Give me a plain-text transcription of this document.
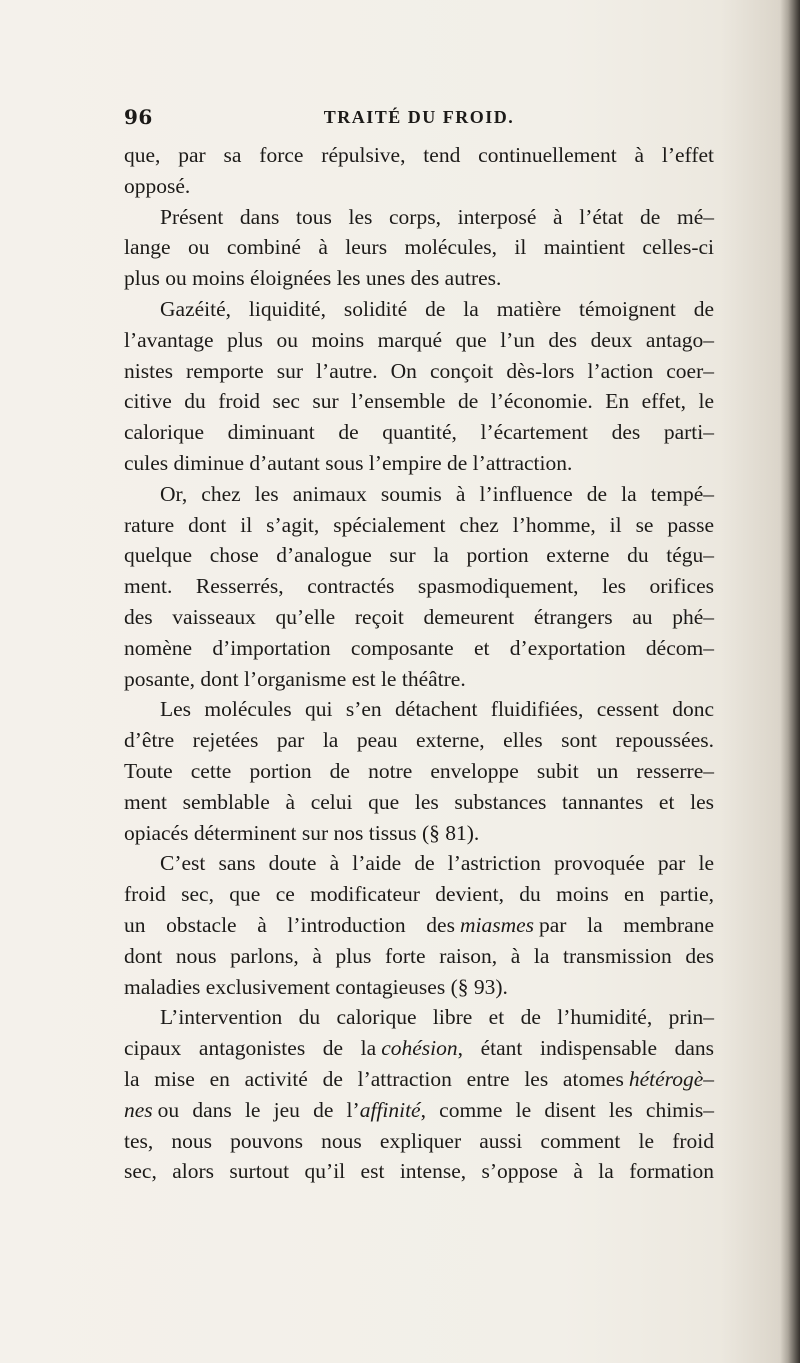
96	TRAITÉ DU FROID.
que, par sa force répulsive, tend continuellement à l’effet
opposé.
Présent dans tous les corps, interposé à l’état de mé–
lange ou combiné à leurs molécules, il maintient celles-ci
plus ou moins éloignées les unes des autres.
Gazéité, liquidité, solidité de la matière témoignent de
l’avantage plus ou moins marqué que l’un des deux antago–
nistes remporte sur l’autre. On conçoit dès-lors l’action coer–
citive du froid sec sur l’ensemble de l’économie. En effet, le
calorique diminuant de quantité, l’écartement des parti–
cules diminue d’autant sous l’empire de l’attraction.
Or, chez les animaux soumis à l’influence de la tempé–
rature dont il s’agit, spécialement chez l’homme, il se passe
quelque chose d’analogue sur la portion externe du tégu–
ment. Resserrés, contractés spasmodiquement, les orifices
des vaisseaux qu’elle reçoit demeurent étrangers au phé–
nomène d’importation composante et d’exportation décom–
posante, dont l’organisme est le théâtre.
Les molécules qui s’en détachent fluidifiées, cessent donc
d’être rejetées par la peau externe, elles sont repoussées.
Toute cette portion de notre enveloppe subit un resserre–
ment semblable à celui que les substances tannantes et les
opiacés déterminent sur nos tissus (§ 81).
C’est sans doute à l’aide de l’astriction provoquée par le
froid sec, que ce modificateur devient, du moins en partie,
un obstacle à l’introduction des miasmes par la membrane
dont nous parlons, à plus forte raison, à la transmission des
maladies exclusivement contagieuses (§ 93).
L’intervention du calorique libre et de l’humidité, prin–
cipaux antagonistes de la cohésion, étant indispensable dans
la mise en activité de l’attraction entre les atomes hétérogè–
nes ou dans le jeu de l’affinité, comme le disent les chimis–
tes, nous pouvons nous expliquer aussi comment le froid
sec, alors surtout qu’il est intense, s’oppose à la formation
